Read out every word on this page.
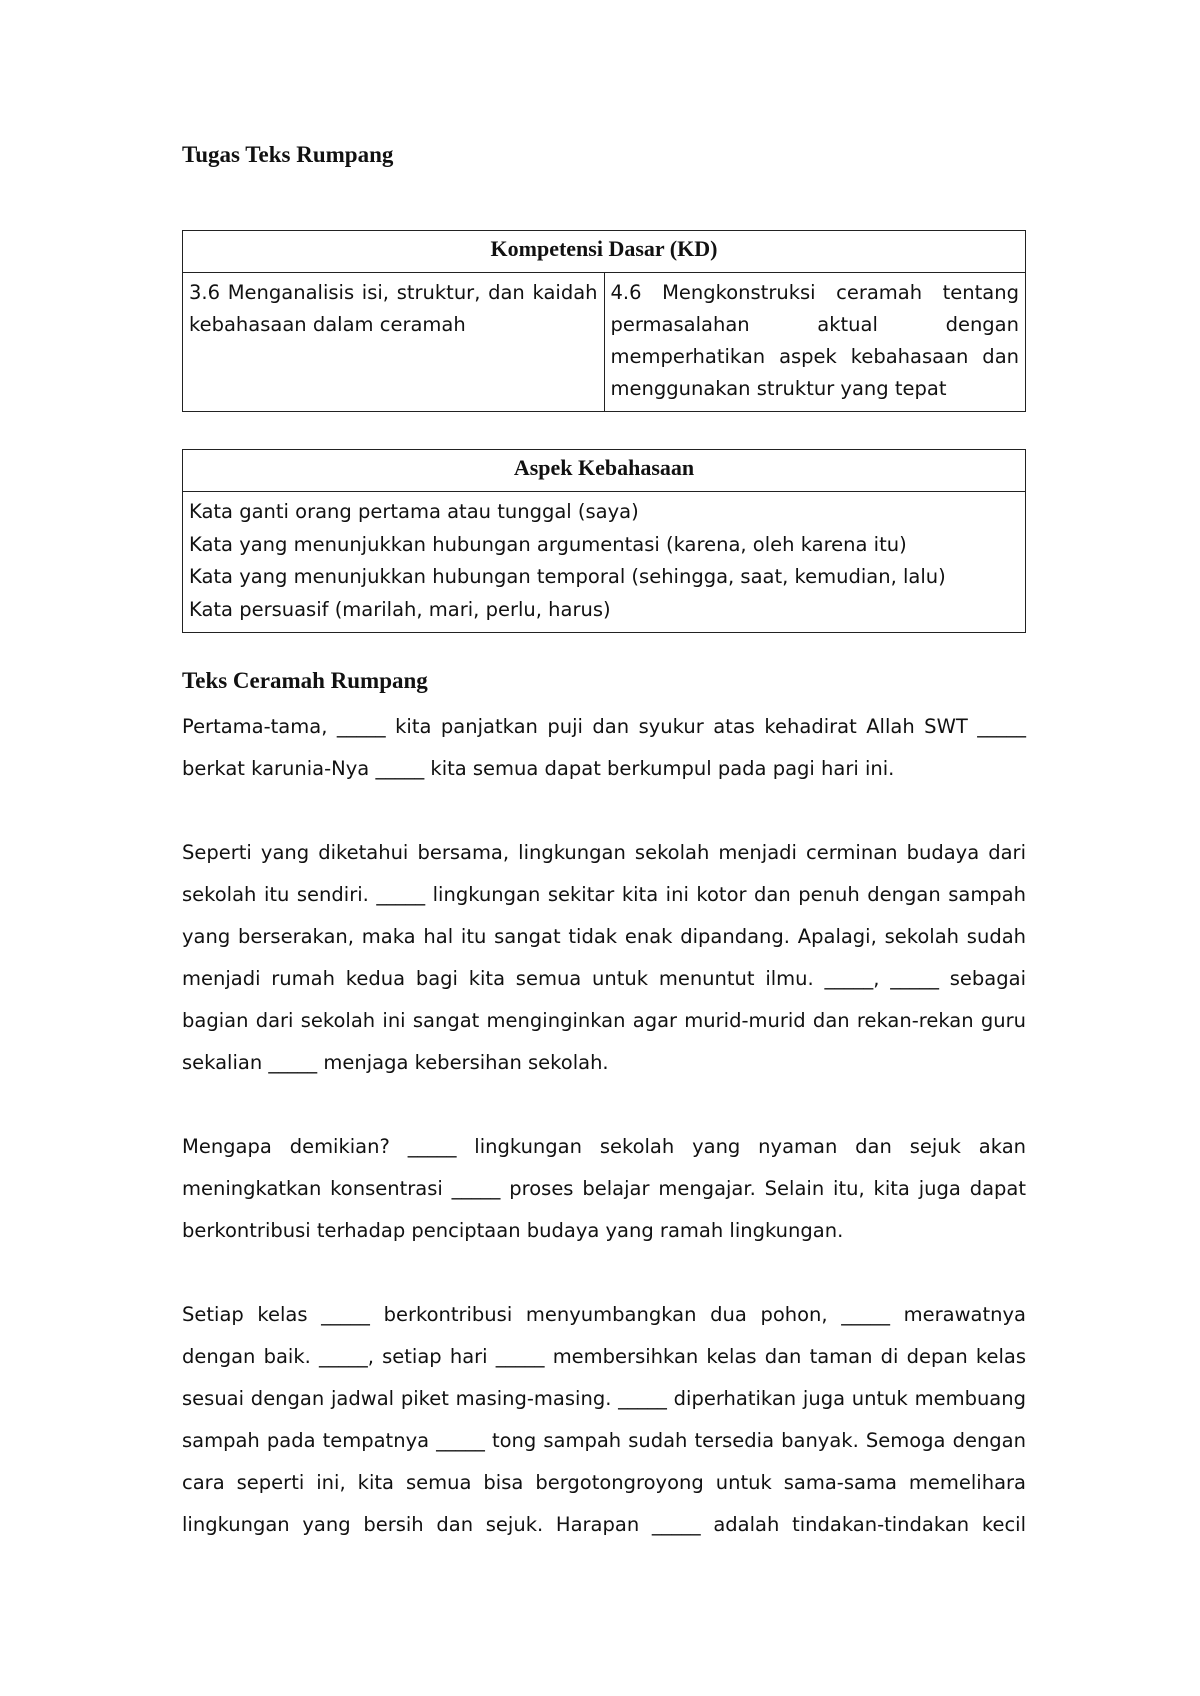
Tugas Teks Rumpang
Kompetensi Dasar (KD)
3.6 Menganalisis isi, struktur, dan kaidah kebahasaan dalam ceramah	4.6 Mengkonstruksi ceramah tentang permasalahan aktual dengan memperhatikan aspek kebahasaan dan menggunakan struktur yang tepat
Aspek Kebahasaan

Kata ganti orang pertama atau tunggal (saya)
Kata yang menunjukkan hubungan argumentasi (karena, oleh karena itu)
Kata yang menunjukkan hubungan temporal (sehingga, saat, kemudian, lalu)
Kata persuasif (marilah, mari, perlu, harus)
Teks Ceramah Rumpang

Pertama-tama, _____ kita panjatkan puji dan syukur atas kehadirat Allah SWT _____ berkat karunia-Nya _____ kita semua dapat berkumpul pada pagi hari ini.

Seperti yang diketahui bersama, lingkungan sekolah menjadi cerminan budaya dari sekolah itu sendiri. _____ lingkungan sekitar kita ini kotor dan penuh dengan sampah yang berserakan, maka hal itu sangat tidak enak dipandang. Apalagi, sekolah sudah menjadi rumah kedua bagi kita semua untuk menuntut ilmu. _____, _____ sebagai bagian dari sekolah ini sangat menginginkan agar murid-murid dan rekan-rekan guru sekalian _____ menjaga kebersihan sekolah.

Mengapa demikian? _____ lingkungan sekolah yang nyaman dan sejuk akan meningkatkan konsentrasi _____ proses belajar mengajar. Selain itu, kita juga dapat berkontribusi terhadap penciptaan budaya yang ramah lingkungan.

Setiap kelas _____ berkontribusi menyumbangkan dua pohon, _____ merawatnya dengan baik. _____, setiap hari _____ membersihkan kelas dan taman di depan kelas sesuai dengan jadwal piket masing-masing. _____ diperhatikan juga untuk membuang sampah pada tempatnya _____ tong sampah sudah tersedia banyak. Semoga dengan cara seperti ini, kita semua bisa bergotongroyong untuk sama-sama memelihara lingkungan yang bersih dan sejuk. Harapan _____ adalah tindakan-tindakan kecil
